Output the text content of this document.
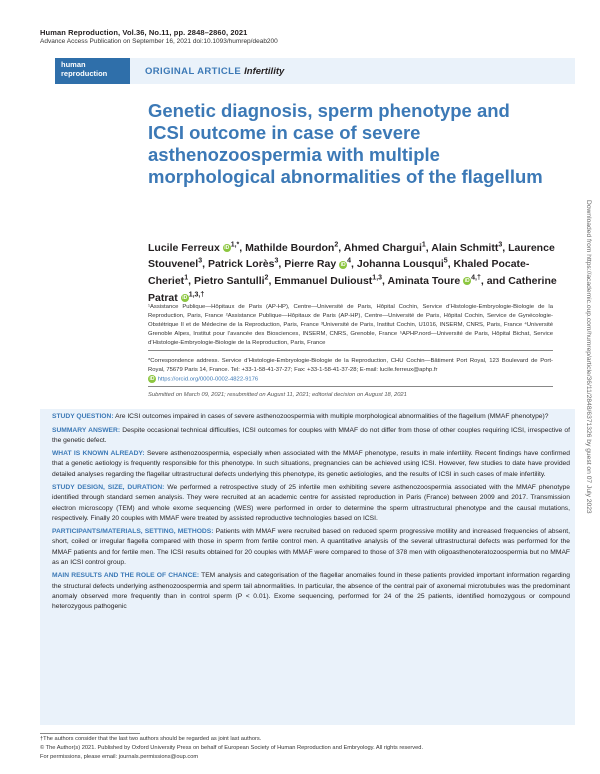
Human Reproduction, Vol.36, No.11, pp. 2848–2860, 2021
Advance Access Publication on September 16, 2021 doi:10.1093/humrep/deab200
human
reproduction	ORIGINAL ARTICLE Infertility
Genetic diagnosis, sperm phenotype and ICSI outcome in case of severe asthenozoospermia with multiple morphological abnormalities of the flagellum
Lucile Ferreux iD $^{1,*}$, Mathilde Bourdon$^2$, Ahmed Chargui$^1$, Alain Schmitt$^3$, Laurence Stouvenel$^3$, Patrick Lorès$^3$, Pierre Ray iD $^4$, Johanna Lousqui$^5$, Khaled Pocate-Cheriet$^1$, Pietro Santulli$^2$, Emmanuel Dulioust$^{1,3}$, Aminata Toure iD $^{4,\dagger}$, and Catherine Patrat iD $^{1,3,\dagger}$
¹Assistance Publique—Hôpitaux de Paris (AP-HP), Centre—Université de Paris, Hôpital Cochin, Service d’Histologie-Embryologie-Biologie de la Reproduction, Paris, France ²Assistance Publique—Hôpitaux de Paris (AP-HP), Centre—Université de Paris, Hôpital Cochin, Service de Gynécologie-Obstétrique II et de Médecine de la Reproduction, Paris, France ³Université de Paris, Institut Cochin, U1016, INSERM, CNRS, Paris, France ⁴Université Grenoble Alpes, Institut pour l’avancée des Biosciences, INSERM, CNRS, Grenoble, France ⁵APHP.nord—Université de Paris, Hôpital Bichat, Service d’Histologie-Embryologie-Biologie de la Reproduction, Paris, France
*Correspondence address. Service d’Histologie-Embryologie-Biologie de la Reproduction, CHU Cochin—Bâtiment Port Royal, 123 Boulevard de Port-Royal, 75679 Paris 14, France. Tel: +33-1-58-41-37-27; Fax: +33-1-58-41-37-28; E-mail: lucile.ferreux@aphp.fr
iD https://orcid.org/0000-0002-4822-9176
Submitted on March 09, 2021; resubmitted on August 11, 2021; editorial decision on August 18, 2021

STUDY QUESTION: Are ICSI outcomes impaired in cases of severe asthenozoospermia with multiple morphological abnormalities of the flagellum (MMAF phenotype)?

SUMMARY ANSWER: Despite occasional technical difficulties, ICSI outcomes for couples with MMAF do not differ from those of other couples requiring ICSI, irrespective of the genetic defect.

WHAT IS KNOWN ALREADY: Severe asthenozoospermia, especially when associated with the MMAF phenotype, results in male infertility. Recent findings have confirmed that a genetic aetiology is frequently responsible for this phenotype. In such situations, pregnancies can be achieved using ICSI. However, few studies to date have provided detailed analyses regarding the flagellar ultrastructural defects underlying this phenotype, its genetic aetiologies, and the results of ICSI in such cases of male infertility.

STUDY DESIGN, SIZE, DURATION: We performed a retrospective study of 25 infertile men exhibiting severe asthenozoospermia associated with the MMAF phenotype identified through standard semen analysis. They were recruited at an academic centre for assisted reproduction in Paris (France) between 2009 and 2017. Transmission electron microscopy (TEM) and whole exome sequencing (WES) were performed in order to determine the sperm ultrastructural phenotype and the causal mutations, respectively. Finally 20 couples with MMAF were treated by assisted reproductive technologies based on ICSI.

PARTICIPANTS/MATERIALS, SETTING, METHODS: Patients with MMAF were recruited based on reduced sperm progressive motility and increased frequencies of absent, short, coiled or irregular flagella compared with those in sperm from fertile control men. A quantitative analysis of the several ultrastructural defects was performed for the MMAF patients and for fertile men. The ICSI results obtained for 20 couples with MMAF were compared to those of 378 men with oligoasthenoteratozoospermia but no MMAF as an ICSI control group.

MAIN RESULTS AND THE ROLE OF CHANCE: TEM analysis and categorisation of the flagellar anomalies found in these patients provided important information regarding the structural defects underlying asthenozoospermia and sperm tail abnormalities. In particular, the absence of the central pair of axonemal microtubules was the predominant anomaly observed more frequently than in control sperm (P < 0.01). Exome sequencing, performed for 24 of the 25 patients, identified homozygous or compound heterozygous pathogenic

†The authors consider that the last two authors should be regarded as joint last authors.
© The Author(s) 2021. Published by Oxford University Press on behalf of European Society of Human Reproduction and Embryology. All rights reserved.
For permissions, please email: journals.permissions@oup.com
Downloaded from https://academic.oup.com/humrep/article/36/11/2848/6371326 by guest on 07 July 2023
